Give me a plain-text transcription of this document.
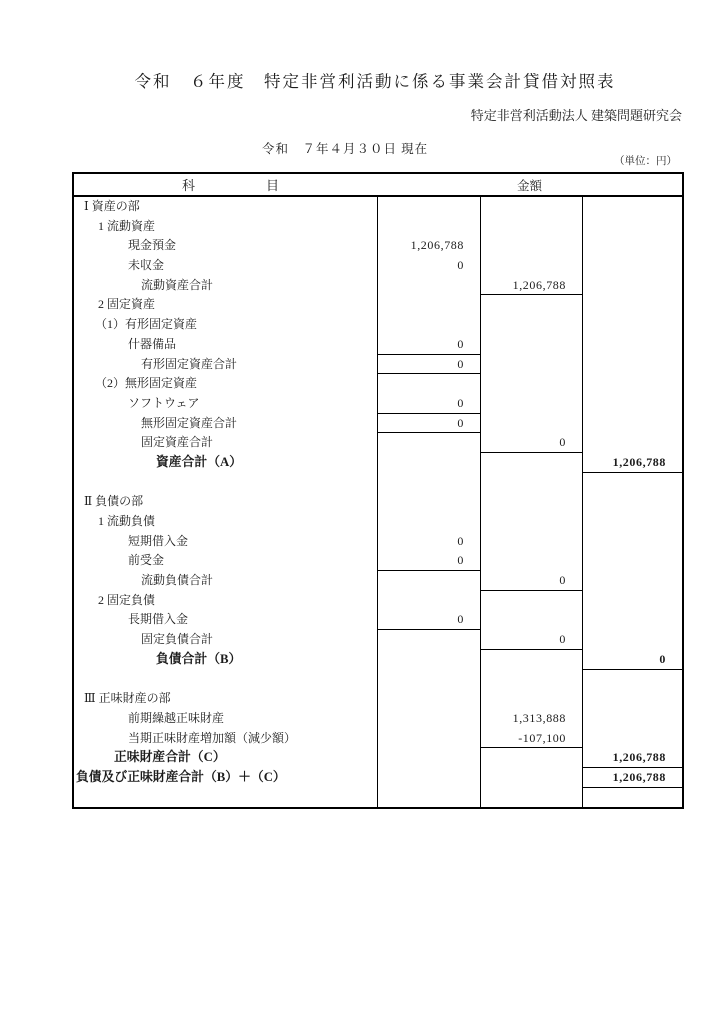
令和　６年度　特定非営利活動に係る事業会計貸借対照表
特定非営利活動法人 建築問題研究会
令和　７年４月３０日 現在
（単位：円）
科	目	金額
Ⅰ 資産の部
1 流動資産
現金預金	1,206,788
未収金	0
流動資産合計	1,206,788
2 固定資産
（1）有形固定資産
什器備品	0
有形固定資産合計	0
（2）無形固定資産
ソフトウェア	0
無形固定資産合計	0
固定資産合計	0
資産合計（A）	1,206,788
Ⅱ 負債の部
1 流動負債
短期借入金	0
前受金	0
流動負債合計	0
2 固定負債
長期借入金	0
固定負債合計	0
負債合計（B）	0
Ⅲ 正味財産の部
前期繰越正味財産	1,313,888
当期正味財産増加額（減少額）	-107,100
正味財産合計（C）	1,206,788
負債及び正味財産合計（B）＋（C）	1,206,788
